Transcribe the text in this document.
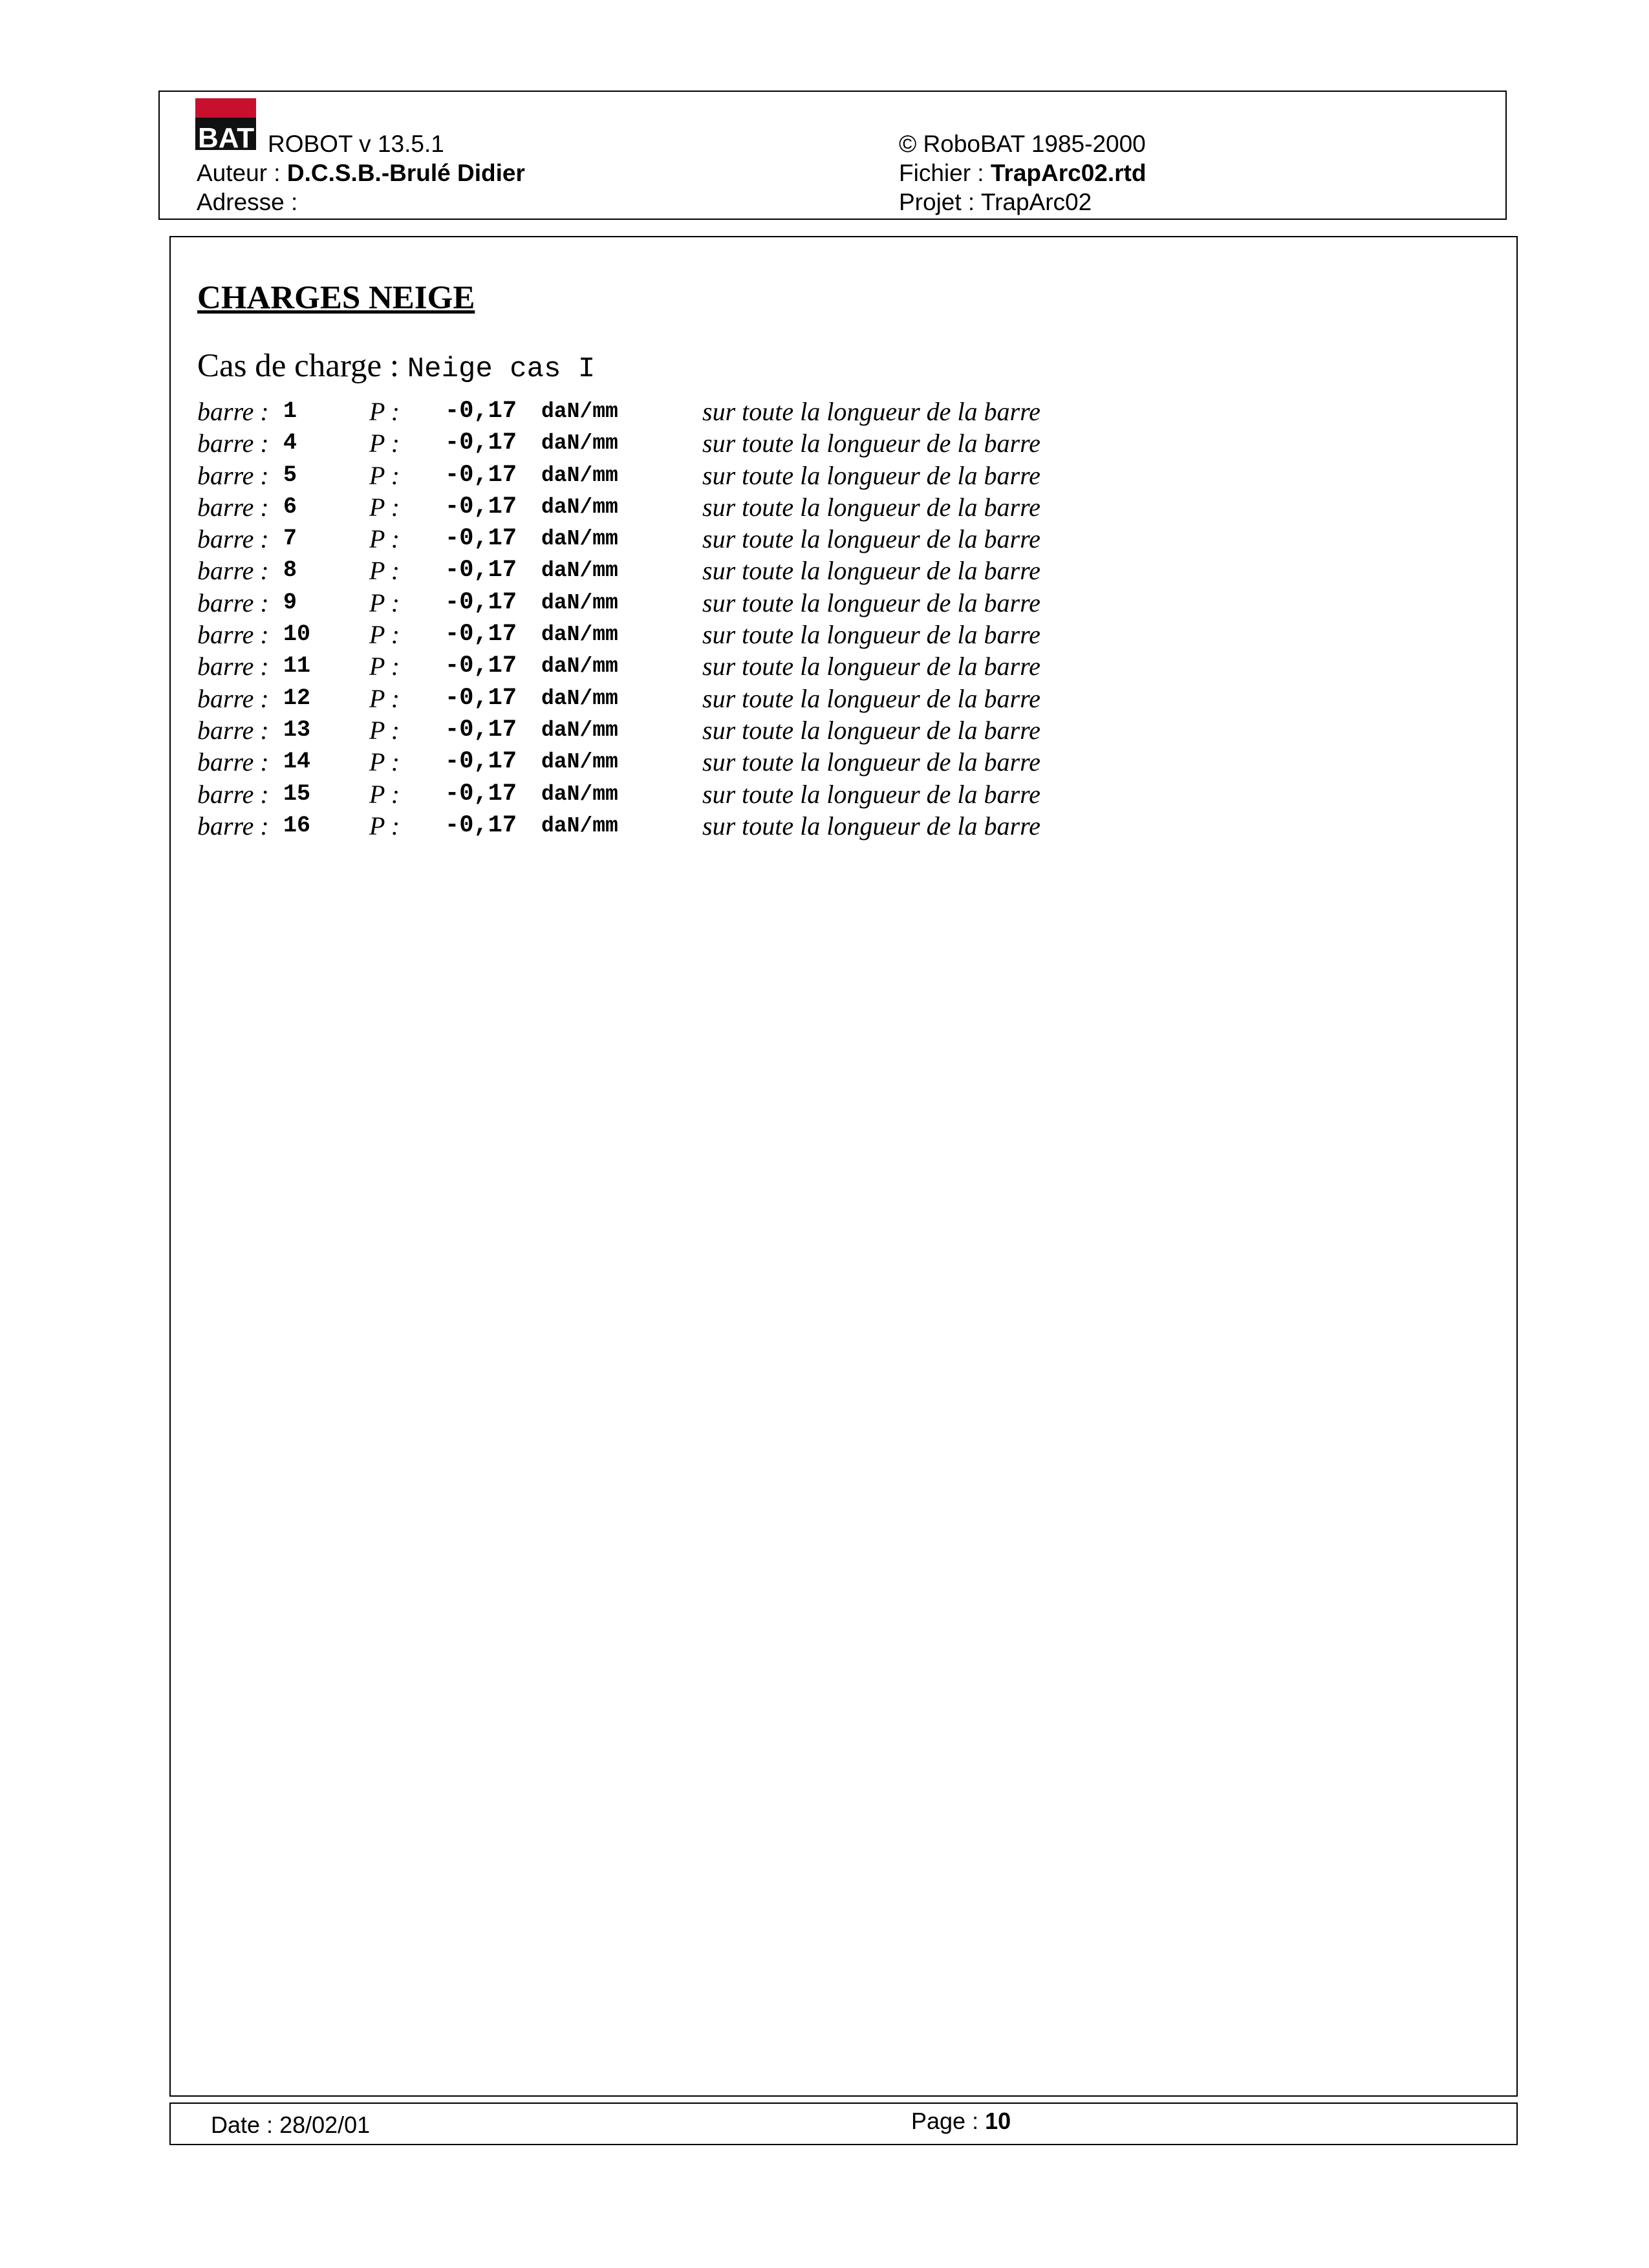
BAT ROBOT v 13.5.1
Auteur : D.C.S.B.-Brulé Didier
Adresse :
© RoboBAT 1985-2000
Fichier : TrapArc02.rtd
Projet : TrapArc02
CHARGES NEIGE
Cas de charge : Neige cas I
barre : 1	P : -0,17 daN/mm	sur toute la longueur de la barre
barre : 4	P : -0,17 daN/mm	sur toute la longueur de la barre
barre : 5	P : -0,17 daN/mm	sur toute la longueur de la barre
barre : 6	P : -0,17 daN/mm	sur toute la longueur de la barre
barre : 7	P : -0,17 daN/mm	sur toute la longueur de la barre
barre : 8	P : -0,17 daN/mm	sur toute la longueur de la barre
barre : 9	P : -0,17 daN/mm	sur toute la longueur de la barre
barre : 10 P : -0,17 daN/mm	sur toute la longueur de la barre
barre : 11 P : -0,17 daN/mm	sur toute la longueur de la barre
barre : 12 P : -0,17 daN/mm	sur toute la longueur de la barre
barre : 13 P : -0,17 daN/mm	sur toute la longueur de la barre
barre : 14 P : -0,17 daN/mm	sur toute la longueur de la barre
barre : 15 P : -0,17 daN/mm	sur toute la longueur de la barre
barre : 16 P : -0,17 daN/mm	sur toute la longueur de la barre
Date : 28/02/01	Page : 10
